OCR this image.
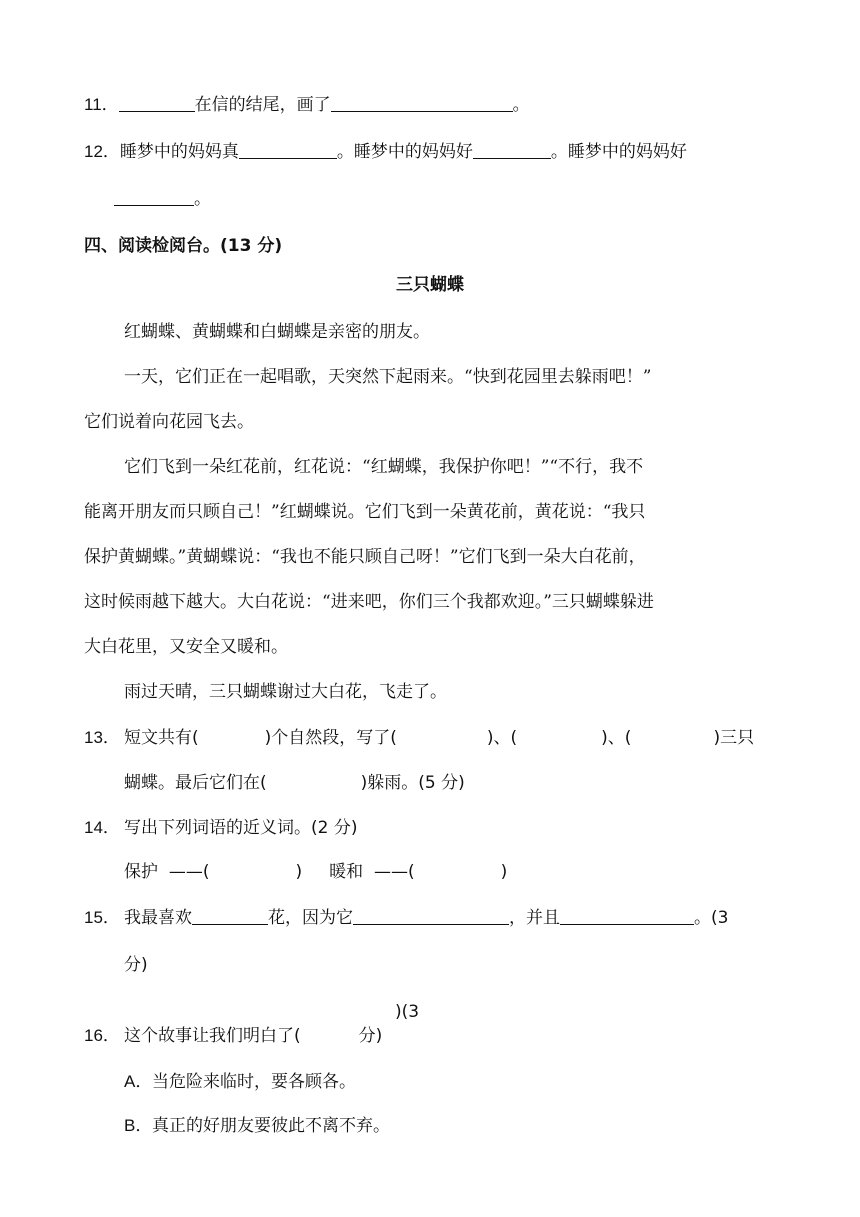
11．	在信的结尾，画了	。
12．睡梦中的妈妈真	。睡梦中的妈妈好	。睡梦中的妈妈好
。
四、阅读检阅台。(13 分)
三只蝴蝶
红蝴蝶、黄蝴蝶和白蝴蝶是亲密的朋友。
一天，它们正在一起唱歌，天突然下起雨来。“快到花园里去躲雨吧！”
它们说着向花园飞去。
它们飞到一朵红花前，红花说：“红蝴蝶，我保护你吧！”“不行，我不
能离开朋友而只顾自己！”红蝴蝶说。它们飞到一朵黄花前，黄花说：“我只
保护黄蝴蝶。”黄蝴蝶说：“我也不能只顾自己呀！”它们飞到一朵大白花前，
这时候雨越下越大。大白花说：“进来吧，你们三个我都欢迎。”三只蝴蝶躲进
大白花里，又安全又暖和。
雨过天晴，三只蝴蝶谢过大白花，飞走了。
13． 短文共有(	)个自然段，写了(	)、(	)、(	)三只
蝴蝶。最后它们在(	)躲雨。(5 分)
14． 写出下列词语的近义词。(2 分)
保护 ——(	) 暖和 ——(	)
15． 我最喜欢	花，因为它	，并且	。(3
分)
)(3
16． 这个故事让我们明白了(	分)
A．当危险来临时，要各顾各。
B．真正的好朋友要彼此不离不弃。
